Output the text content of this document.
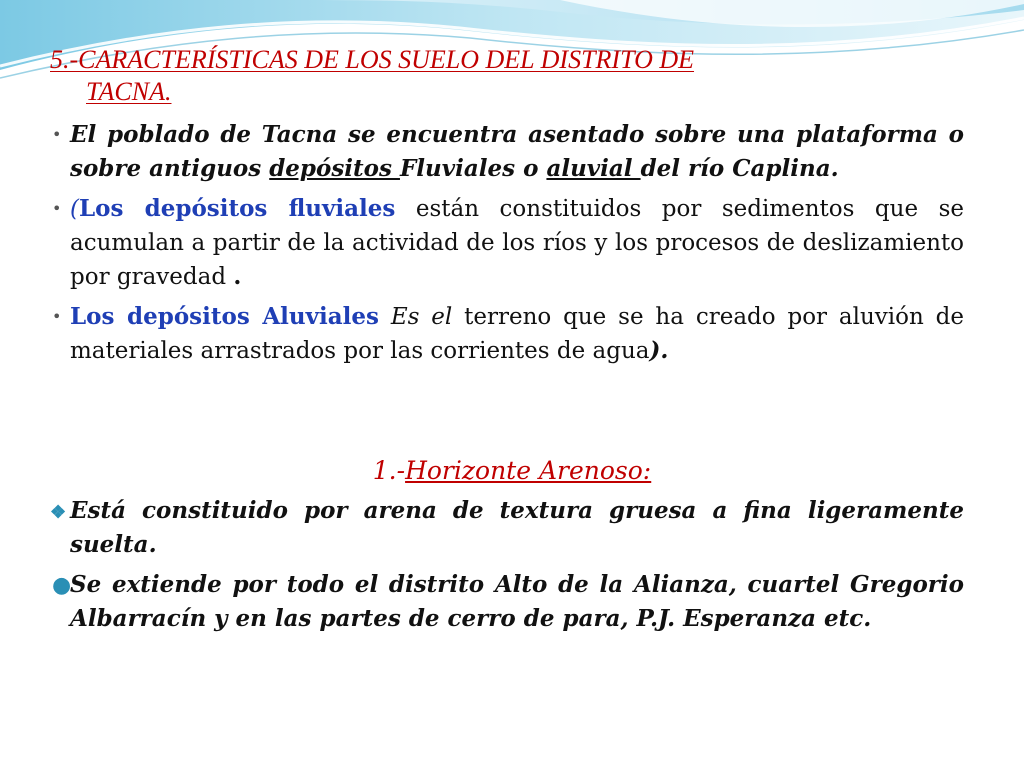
5.-CARACTERÍSTICAS DE LOS SUELO DEL DISTRITO DE
TACNA.
• El poblado de Tacna se encuentra asentado sobre una plataforma o sobre antiguos depósitos Fluviales o aluvial del río Caplina.
• (Los depósitos fluviales están constituidos por sedimentos que se acumulan a partir de la actividad de los ríos y los procesos de deslizamiento por gravedad .
• Los depósitos Aluviales Es el terreno que se ha creado por aluvión de materiales arrastrados por las corrientes de agua).
1.-Horizonte Arenoso:
❖ Está constituido por arena de textura gruesa a fina ligeramente suelta.
●
Se extiende por todo el distrito Alto de la Alianza, cuartel Gregorio Albarracín y en las partes de cerro de para, P.J. Esperanza etc.
